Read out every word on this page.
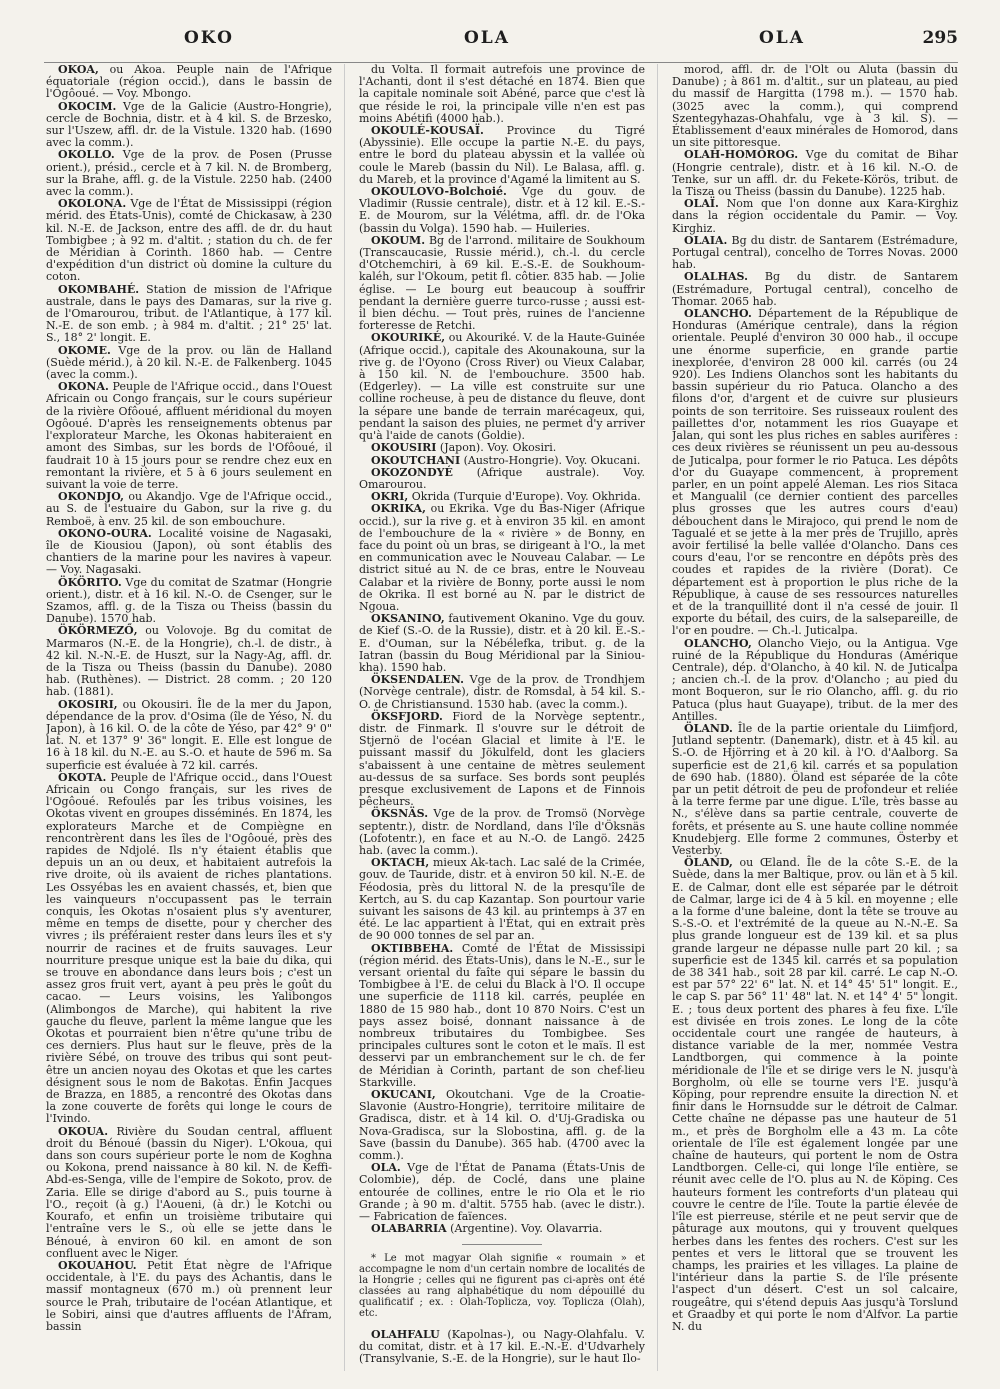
OKO	OLA	OLA	295

OKOA, ou Akoa. Peuple nain de l'Afrique équatoriale (région occid.), dans le bassin de l'Ogôoué. — Voy. Mbongo.

OKOCIM. Vge de la Galicie (Austro-Hongrie), cercle de Bochnia, distr. et à 4 kil. S. de Brzesko, sur l'Uszew, affl. dr. de la Vistule. 1320 hab. (1690 avec la comm.).

OKOLLO. Vge de la prov. de Posen (Prusse orient.), présid., cercle et à 7 kil. N. de Bromberg, sur la Brahe, affl. g. de la Vistule. 2250 hab. (2400 avec la comm.).

OKOLONA. Vge de l'État de Mississippi (région mérid. des États-Unis), comté de Chickasaw, à 230 kil. N.-E. de Jackson, entre des affl. de dr. du haut Tombigbee ; à 92 m. d'altit. ; station du ch. de fer de Méridian à Corinth. 1860 hab. — Centre d'expédition d'un district où domine la culture du coton.

OKOMBAHÉ. Station de mission de l'Afrique australe, dans le pays des Damaras, sur la rive g. de l'Omarourou, tribut. de l'Atlantique, à 177 kil. N.-E. de son emb. ; à 984 m. d'altit. ; 21° 25' lat. S., 18° 2' longit. E.

OKOME. Vge de la prov. ou län de Halland (Suède mérid.), à 20 kil. N.-E. de Falkenberg. 1045 (avec la comm.).

OKONA. Peuple de l'Afrique occid., dans l'Ouest Africain ou Congo français, sur le cours supérieur de la rivière Ofôoué, affluent méridional du moyen Ogôoué. D'après les renseignements obtenus par l'explorateur Marche, les Okonas habiteraient en amont des Simbas, sur les bords de l'Ofôoué, il faudrait 10 à 15 jours pour se rendre chez eux en remontant la rivière, et 5 à 6 jours seulement en suivant la voie de terre.

OKONDJO, ou Akandjo. Vge de l'Afrique occid., au S. de l'estuaire du Gabon, sur la rive g. du Remboë, à env. 25 kil. de son embouchure.

OKONO-OURA. Localité voisine de Nagasaki, île de Kiousiou (Japon), où sont établis des chantiers de la marine pour les navires à vapeur. — Voy. Nagasaki.

ÖKÖRITO. Vge du comitat de Szatmar (Hongrie orient.), distr. et à 16 kil. N.-O. de Csenger, sur le Szamos, affl. g. de la Tisza ou Theiss (bassin du Danube). 1570 hab.

ÖKÖRMEZŐ, ou Volovoje. Bg du comitat de Marmaros (N.-E. de la Hongrie), ch.-l. de distr., à 42 kil. N.-N.-E. de Huszt, sur la Nagy-Ag, affl. dr. de la Tisza ou Theiss (bassin du Danube). 2080 hab. (Ruthènes). — District. 28 comm. ; 20 120 hab. (1881).

OKOSIRI, ou Okousiri. Île de la mer du Japon, dépendance de la prov. d'Osima (île de Yéso, N. du Japon), à 16 kil. O. de la côte de Yéso, par 42° 9' 0" lat. N. et 137° 9' 36" longit. E. Elle est longue de 16 à 18 kil. du N.-E. au S.-O. et haute de 596 m. Sa superficie est évaluée à 72 kil. carrés.

OKOTA. Peuple de l'Afrique occid., dans l'Ouest Africain ou Congo français, sur les rives de l'Ogôoué. Refoulés par les tribus voisines, les Okotas vivent en groupes disséminés. En 1874, les explorateurs Marche et de Compiègne en rencontrèrent dans les îles de l'Ogôoué, près des rapides de Ndjolé. Ils n'y étaient établis que depuis un an ou deux, et habitaient autrefois la rive droite, où ils avaient de riches plantations. Les Ossyébas les en avaient chassés, et, bien que les vainqueurs n'occupassent pas le terrain conquis, les Okotas n'osaient plus s'y aventurer, même en temps de disette, pour y chercher des vivres ; ils préféraient rester dans leurs îles et s'y nourrir de racines et de fruits sauvages. Leur nourriture presque unique est la baie du dika, qui se trouve en abondance dans leurs bois ; c'est un assez gros fruit vert, ayant à peu près le goût du cacao. — Leurs voisins, les Yalibongos (Alimbongos de Marche), qui habitent la rive gauche du fleuve, parlent la même langue que les Okotas et pourraient bien n'être qu'une tribu de ces derniers. Plus haut sur le fleuve, près de la rivière Sébé, on trouve des tribus qui sont peut-être un ancien noyau des Okotas et que les cartes désignent sous le nom de Bakotas. Enfin Jacques de Brazza, en 1885, a rencontré des Okotas dans la zone couverte de forêts qui longe le cours de l'Ivindo.

OKOUA. Rivière du Soudan central, affluent droit du Bénoué (bassin du Niger). L'Okoua, qui dans son cours supérieur porte le nom de Koghna ou Kokona, prend naissance à 80 kil. N. de Keffi-Abd-es-Senga, ville de l'empire de Sokoto, prov. de Zaria. Elle se dirige d'abord au S., puis tourne à l'O., reçoit (à g.) l'Aoueni, (à dr.) le Kotchi ou Kourafo, et enfin un troisième tributaire qui l'entraîne vers le S., où elle se jette dans le Bénoué, à environ 60 kil. en amont de son confluent avec le Niger.

OKOUAHOU. Petit État nègre de l'Afrique occidentale, à l'E. du pays des Achantis, dans le massif montagneux (670 m.) où prennent leur source le Prah, tributaire de l'océan Atlantique, et le Sobiri, ainsi que d'autres affluents de l'Afram, bassin

du Volta. Il formait autrefois une province de l'Achanti, dont il s'est détaché en 1874. Bien que la capitale nominale soit Abéné, parce que c'est là que réside le roi, la principale ville n'en est pas moins Abétifi (4000 hab.).

OKOULÉ-KOUSAÏ. Province du Tigré (Abyssinie). Elle occupe la partie N.-E. du pays, entre le bord du plateau abyssin et la vallée où coule le Mareb (bassin du Nil). Le Balasa, affl. g. du Mareb, et la province d'Agamé la limitent au S.

OKOULOVO-Bolchoié. Vge du gouv. de Vladimir (Russie centrale), distr. et à 12 kil. E.-S.-E. de Mourom, sur la Vélétma, affl. dr. de l'Oka (bassin du Volga). 1590 hab. — Huileries.

OKOUM. Bg de l'arrond. militaire de Soukhoum (Transcaucasie, Russie mérid.), ch.-l. du cercle d'Otchemchiri, à 69 kil. E.-S.-E. de Soukhoum-kaléh, sur l'Okoum, petit fl. côtier. 835 hab. — Jolie église. — Le bourg eut beaucoup à souffrir pendant la dernière guerre turco-russe ; aussi est-il bien déchu. — Tout près, ruines de l'ancienne forteresse de Retchi.

OKOURIKÉ, ou Akouriké. V. de la Haute-Guinée (Afrique occid.), capitale des Akounakouna, sur la rive g. de l'Oyono (Cross River) ou Vieux Calabar, à 150 kil. N. de l'embouchure. 3500 hab. (Edgerley). — La ville est construite sur une colline rocheuse, à peu de distance du fleuve, dont la sépare une bande de terrain marécageux, qui, pendant la saison des pluies, ne permet d'y arriver qu'à l'aide de canots (Goldie).

OKOUSIRI (Japon). Voy. Okosiri.

OKOUTCHANI (Austro-Hongrie). Voy. Okucani.

OKOZONDYÉ (Afrique australe). Voy. Omarourou.

OKRI, Okrida (Turquie d'Europe). Voy. Okhrida.

OKRIKA, ou Ekrika. Vge du Bas-Niger (Afrique occid.), sur la rive g. et à environ 35 kil. en amont de l'embouchure de la « rivière » de Bonny, en face du point où un bras, se dirigeant à l'O., la met en communication avec le Nouveau Calabar. — Le district situé au N. de ce bras, entre le Nouveau Calabar et la rivière de Bonny, porte aussi le nom de Okrika. Il est borné au N. par le district de Ngoua.

OKSANINO, fautivement Okanino. Vge du gouv. de Kief (S.-O. de la Russie), distr. et à 20 kil. E.-S.-E. d'Ouman, sur la Nébélefka, tribut. g. de la Iatran (bassin du Boug Méridional par la Siniou-kha). 1590 hab.

ÖKSENDALEN. Vge de la prov. de Trondhjem (Norvège centrale), distr. de Romsdal, à 54 kil. S.-O. de Christiansund. 1530 hab. (avec la comm.).

ÖKSFJORD. Fiord de la Norvège septentr., distr. de Finmark. Il s'ouvre sur le détroit de Stjernö de l'océan Glacial et limite à l'E. le puissant massif du Jökulfeld, dont les glaciers s'abaissent à une centaine de mètres seulement au-dessus de sa surface. Ses bords sont peuplés presque exclusivement de Lapons et de Finnois pêcheurs.

ÖKSNÄS. Vge de la prov. de Tromsö (Norvège septentr.), distr. de Nordland, dans l'île d'Öksnäs (Lofotentr.), en face et au N.-O. de Langö. 2425 hab. (avec la comm.).

OKTACH, mieux Ak-tach. Lac salé de la Crimée, gouv. de Tauride, distr. et à environ 50 kil. N.-E. de Féodosia, près du littoral N. de la presqu'île de Kertch, au S. du cap Kazantap. Son pourtour varie suivant les saisons de 43 kil. au printemps à 37 en été. Le lac appartient à l'État, qui en extrait près de 90 000 tonnes de sel par an.

OKTIBBEHA. Comté de l'État de Mississipi (région mérid. des États-Unis), dans le N.-E., sur le versant oriental du faîte qui sépare le bassin du Tombigbee à l'E. de celui du Black à l'O. Il occupe une superficie de 1118 kil. carrés, peuplée en 1880 de 15 980 hab., dont 10 870 Noirs. C'est un pays assez boisé, donnant naissance à de nombreux tributaires du Tombigbee. Ses principales cultures sont le coton et le maïs. Il est desservi par un embranchement sur le ch. de fer de Méridian à Corinth, partant de son chef-lieu Starkville.

OKUCANI, Okoutchani. Vge de la Croatie-Slavonie (Austro-Hongrie), territoire militaire de Gradisca, distr. et à 14 kil. O. d'Uj-Gradiska ou Nova-Gradisca, sur la Slobostina, affl. g. de la Save (bassin du Danube). 365 hab. (4700 avec la comm.).

OLA. Vge de l'État de Panama (États-Unis de Colombie), dép. de Coclé, dans une plaine entourée de collines, entre le rio Ola et le rio Grande ; à 90 m. d'altit. 5755 hab. (avec le distr.). — Fabrication de faïences.

OLABARRIA (Argentine). Voy. Olavarria.

* Le mot magyar Olah signifie « roumain » et accompagne le nom d'un certain nombre de localités de la Hongrie ; celles qui ne figurent pas ci-après ont été classées au rang alphabétique du nom dépouillé du qualificatif ; ex. : Olah-Toplicza, voy. Toplicza (Olah), etc.

OLAHFALU (Kapolnas-), ou Nagy-Olahfalu. V. du comitat, distr. et à 17 kil. E.-N.-E. d'Udvarhely (Transylvanie, S.-E. de la Hongrie), sur le haut Ilo-

morod, affl. dr. de l'Olt ou Aluta (bassin du Danube) ; à 861 m. d'altit., sur un plateau, au pied du massif de Hargitta (1798 m.). — 1570 hab. (3025 avec la comm.), qui comprend Szentegyhazas-Ohahfalu, vge à 3 kil. S). — Établissement d'eaux minérales de Homorod, dans un site pittoresque.

OLAH-HOMOROG. Vge du comitat de Bihar (Hongrie centrale), distr. et à 16 kil. N.-O. de Tenke, sur un affl. dr. du Fekete-Körös, tribut. de la Tisza ou Theiss (bassin du Danube). 1225 hab.

OLAÏ. Nom que l'on donne aux Kara-Kirghiz dans la région occidentale du Pamir. — Voy. Kirghiz.

OLAIA. Bg du distr. de Santarem (Estrémadure, Portugal central), concelho de Torres Novas. 2000 hab.

OLALHAS. Bg du distr. de Santarem (Estrémadure, Portugal central), concelho de Thomar. 2065 hab.

OLANCHO. Département de la République de Honduras (Amérique centrale), dans la région orientale. Peuplé d'environ 30 000 hab., il occupe une énorme superficie, en grande partie inexplorée, d'environ 28 000 kil. carrés (ou 24 920). Les Indiens Olanchos sont les habitants du bassin supérieur du rio Patuca. Olancho a des filons d'or, d'argent et de cuivre sur plusieurs points de son territoire. Ses ruisseaux roulent des paillettes d'or, notamment les rios Guayape et Jalan, qui sont les plus riches en sables aurifères : ces deux rivières se réunissent un peu au-dessous de Juticalpa, pour former le rio Patuca. Les dépôts d'or du Guayape commencent, à proprement parler, en un point appelé Aleman. Les rios Sitaca et Mangualil (ce dernier contient des parcelles plus grosses que les autres cours d'eau) débouchent dans le Mirajoco, qui prend le nom de Tagualé et se jette à la mer près de Trujillo, après avoir fertilisé la belle vallée d'Olancho. Dans ces cours d'eau, l'or se rencontre en dépôts près des coudes et rapides de la rivière (Dorat). Ce département est à proportion le plus riche de la République, à cause de ses ressources naturelles et de la tranquillité dont il n'a cessé de jouir. Il exporte du bétail, des cuirs, de la salsepareille, de l'or en poudre. — Ch.-l. Juticalpa.

OLANCHO, Olancho Viejo, ou la Antigua. Vge ruiné de la République du Honduras (Amérique Centrale), dép. d'Olancho, à 40 kil. N. de Juticalpa ; ancien ch.-l. de la prov. d'Olancho ; au pied du mont Boqueron, sur le rio Olancho, affl. g. du rio Patuca (plus haut Guayape), tribut. de la mer des Antilles.

ÖLAND. Île de la partie orientale du Liimfjord, Jutland septentr. (Danemark), distr. et à 45 kil. au S.-O. de Hjörring et à 20 kil. à l'O. d'Aalborg. Sa superficie est de 21,6 kil. carrés et sa population de 690 hab. (1880). Öland est séparée de la côte par un petit détroit de peu de profondeur et reliée à la terre ferme par une digue. L'île, très basse au N., s'élève dans sa partie centrale, couverte de forêts, et présente au S. une haute colline nommée Knudebjerg. Elle forme 2 communes, Österby et Vesterby.

ÖLAND, ou Œland. Île de la côte S.-E. de la Suède, dans la mer Baltique, prov. ou län et à 5 kil. E. de Calmar, dont elle est séparée par le détroit de Calmar, large ici de 4 à 5 kil. en moyenne ; elle a la forme d'une baleine, dont la tête se trouve au S.-S.-O. et l'extrémité de la queue au N.-N.-E. Sa plus grande longueur est de 139 kil. et sa plus grande largeur ne dépasse nulle part 20 kil. ; sa superficie est de 1345 kil. carrés et sa population de 38 341 hab., soit 28 par kil. carré. Le cap N.-O. est par 57° 22' 6" lat. N. et 14° 45' 51" longit. E., le cap S. par 56° 11' 48" lat. N. et 14° 4' 5" longit. E. ; tous deux portent des phares à feu fixe. L'île est divisée en trois zones. Le long de la côte occidentale court une rangée de hauteurs, à distance variable de la mer, nommée Vestra Landtborgen, qui commence à la pointe méridionale de l'île et se dirige vers le N. jusqu'à Borgholm, où elle se tourne vers l'E. jusqu'à Köping, pour reprendre ensuite la direction N. et finir dans le Hornsudde sur le détroit de Calmar. Cette chaîne ne dépasse pas une hauteur de 51 m., et près de Borgholm elle a 43 m. La côte orientale de l'île est également longée par une chaîne de hauteurs, qui portent le nom de Ostra Landtborgen. Celle-ci, qui longe l'île entière, se réunit avec celle de l'O. plus au N. de Köping. Ces hauteurs forment les contreforts d'un plateau qui couvre le centre de l'île. Toute la partie élevée de l'île est pierreuse, stérile et ne peut servir que de pâturage aux moutons, qui y trouvent quelques herbes dans les fentes des rochers. C'est sur les pentes et vers le littoral que se trouvent les champs, les prairies et les villages. La plaine de l'intérieur dans la partie S. de l'île présente l'aspect d'un désert. C'est un sol calcaire, rougeâtre, qui s'étend depuis Aas jusqu'à Torslund et Graadby et qui porte le nom d'Alfvor. La partie N. du
